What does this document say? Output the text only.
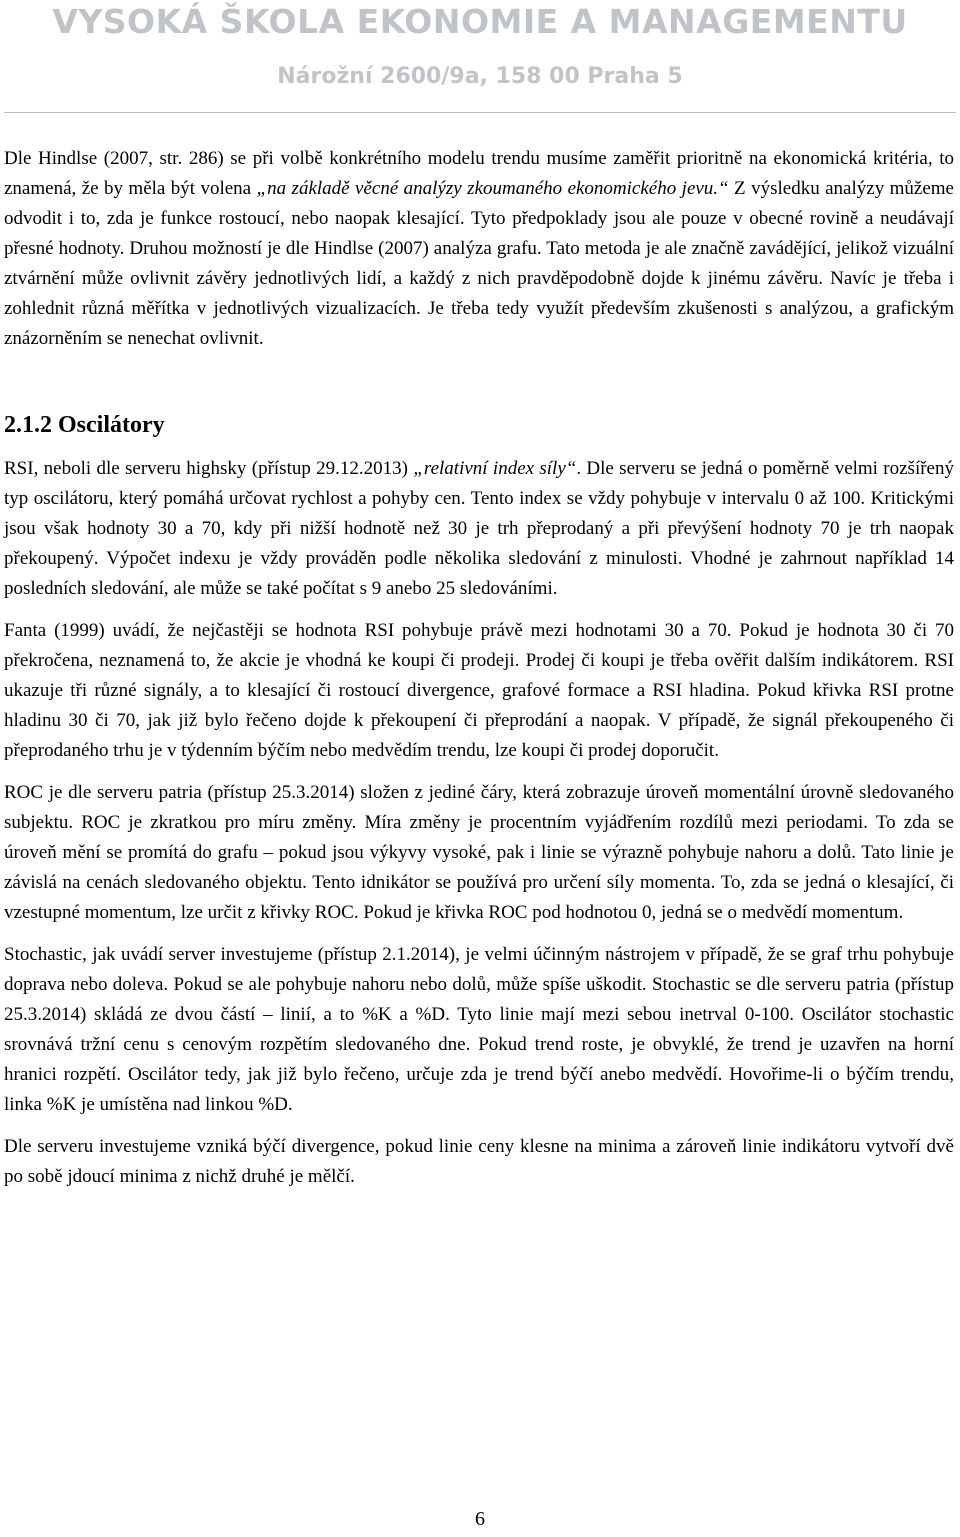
VYSOKÁ ŠKOLA EKONOMIE A MANAGEMENTU
Nárožní 2600/9a, 158 00 Praha 5

Dle Hindlse (2007, str. 286) se při volbě konkrétního modelu trendu musíme zaměřit prioritně na ekonomická kritéria, to znamená, že by měla být volena „na základě věcné analýzy zkoumaného ekonomického jevu.“ Z výsledku analýzy můžeme odvodit i to, zda je funkce rostoucí, nebo naopak klesající. Tyto předpoklady jsou ale pouze v obecné rovině a neudávají přesné hodnoty. Druhou možností je dle Hindlse (2007) analýza grafu. Tato metoda je ale značně zavádějící, jelikož vizuální ztvárnění může ovlivnit závěry jednotlivých lidí, a každý z nich pravděpodobně dojde k jinému závěru. Navíc je třeba i zohlednit různá měřítka v jednotlivých vizualizacích. Je třeba tedy využít především zkušenosti s analýzou, a grafickým znázorněním se nenechat ovlivnit.

2.1.2 Oscilátory

RSI, neboli dle serveru highsky (přístup 29.12.2013) „relativní index síly“. Dle serveru se jedná o poměrně velmi rozšířený typ oscilátoru, který pomáhá určovat rychlost a pohyby cen. Tento index se vždy pohybuje v intervalu 0 až 100. Kritickými jsou však hodnoty 30 a 70, kdy při nižší hodnotě než 30 je trh přeprodaný a při převýšení hodnoty 70 je trh naopak překoupený. Výpočet indexu je vždy prováděn podle několika sledování z minulosti. Vhodné je zahrnout například 14 posledních sledování, ale může se také počítat s 9 anebo 25 sledováními.

Fanta (1999) uvádí, že nejčastěji se hodnota RSI pohybuje právě mezi hodnotami 30 a 70. Pokud je hodnota 30 či 70 překročena, neznamená to, že akcie je vhodná ke koupi či prodeji. Prodej či koupi je třeba ověřit dalším indikátorem. RSI ukazuje tři různé signály, a to klesající či rostoucí divergence, grafové formace a RSI hladina. Pokud křivka RSI protne hladinu 30 či 70, jak již bylo řečeno dojde k překoupení či přeprodání a naopak. V případě, že signál překoupeného či přeprodaného trhu je v týdenním býčím nebo medvědím trendu, lze koupi či prodej doporučit.

ROC je dle serveru patria (přístup 25.3.2014) složen z jediné čáry, která zobrazuje úroveň momentální úrovně sledovaného subjektu. ROC je zkratkou pro míru změny. Míra změny je procentním vyjádřením rozdílů mezi periodami. To zda se úroveň mění se promítá do grafu – pokud jsou výkyvy vysoké, pak i linie se výrazně pohybuje nahoru a dolů. Tato linie je závislá na cenách sledovaného objektu. Tento idnikátor se používá pro určení síly momenta. To, zda se jedná o klesající, či vzestupné momentum, lze určit z křivky ROC. Pokud je křivka ROC pod hodnotou 0, jedná se o medvědí momentum.

Stochastic, jak uvádí server investujeme (přístup 2.1.2014), je velmi účinným nástrojem v případě, že se graf trhu pohybuje doprava nebo doleva. Pokud se ale pohybuje nahoru nebo dolů, může spíše uškodit. Stochastic se dle serveru patria (přístup 25.3.2014) skládá ze dvou částí – linií, a to %K a %D. Tyto linie mají mezi sebou inetrval 0-100. Oscilátor stochastic srovnává tržní cenu s cenovým rozpětím sledovaného dne. Pokud trend roste, je obvyklé, že trend je uzavřen na horní hranici rozpětí. Oscilátor tedy, jak již bylo řečeno, určuje zda je trend býčí anebo medvědí. Hovořime-li o býčím trendu, linka %K je umístěna nad linkou %D.

Dle serveru investujeme vzniká býčí divergence, pokud linie ceny klesne na minima a zároveň linie indikátoru vytvoří dvě po sobě jdoucí minima z nichž druhé je mělčí.

6
